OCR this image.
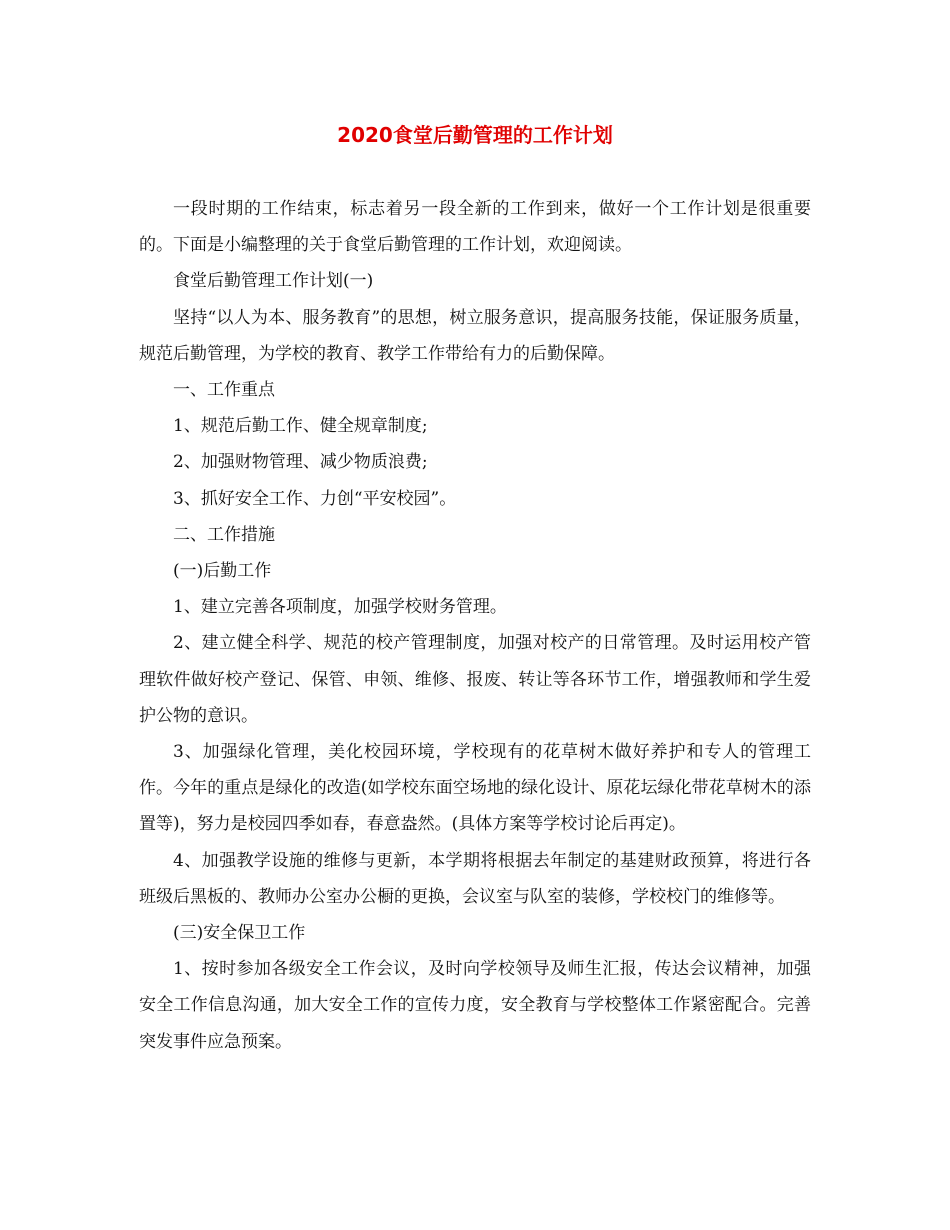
2020食堂后勤管理的工作计划

一段时期的工作结束，标志着另一段全新的工作到来，做好一个工作计划是很重要的。下面是小编整理的关于食堂后勤管理的工作计划，欢迎阅读。

食堂后勤管理工作计划(一)

坚持“以人为本、服务教育”的思想，树立服务意识，提高服务技能，保证服务质量，规范后勤管理，为学校的教育、教学工作带给有力的后勤保障。

一、工作重点

1、规范后勤工作、健全规章制度;

2、加强财物管理、减少物质浪费;

3、抓好安全工作、力创“平安校园”。

二、工作措施

(一)后勤工作

1、建立完善各项制度，加强学校财务管理。

2、建立健全科学、规范的校产管理制度，加强对校产的日常管理。及时运用校产管理软件做好校产登记、保管、申领、维修、报废、转让等各环节工作，增强教师和学生爱护公物的意识。

3、加强绿化管理，美化校园环境，学校现有的花草树木做好养护和专人的管理工作。今年的重点是绿化的改造(如学校东面空场地的绿化设计、原花坛绿化带花草树木的添置等)，努力是校园四季如春，春意盎然。(具体方案等学校讨论后再定)。

4、加强教学设施的维修与更新，本学期将根据去年制定的基建财政预算，将进行各班级后黑板的、教师办公室办公橱的更换，会议室与队室的装修，学校校门的维修等。

(三)安全保卫工作

1、按时参加各级安全工作会议，及时向学校领导及师生汇报，传达会议精神，加强安全工作信息沟通，加大安全工作的宣传力度，安全教育与学校整体工作紧密配合。完善突发事件应急预案。
